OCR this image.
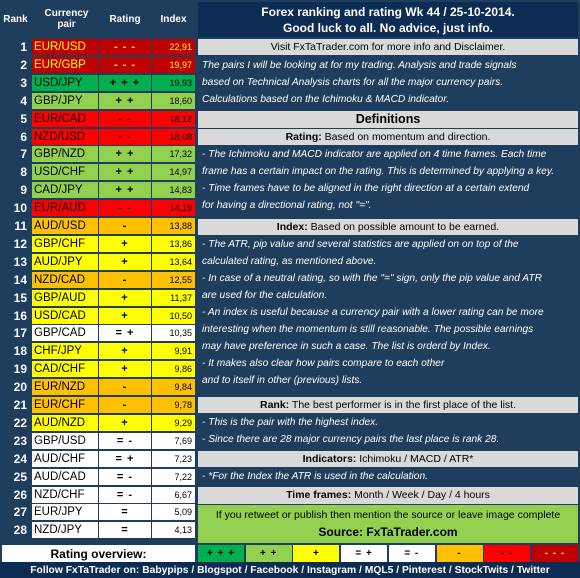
Rank	Currency pair	Rating	Index
1 EUR/USD	- - -	22,91
2 EUR/GBP	- - -	19,97
3 USD/JPY	+ + +	19,93
4 GBP/JPY	+ +	18,60
5 EUR/CAD	- -	18,12
6 NZD/USD	- -	18,08
7 GBP/NZD	+ +	17,32
8 USD/CHF	+ +	14,97
9 CAD/JPY	+ +	14,83
10 EUR/AUD	- -	14,19
11 AUD/USD	-	13,88
12 GBP/CHF	+	13,86
13 AUD/JPY	+	13,64
14 NZD/CAD	-	12,55
15 GBP/AUD	+	11,37
16 USD/CAD	+	10,50
17 GBP/CAD	= +	10,35
18 CHF/JPY	+	9,91
19 CAD/CHF	+	9,86
20 EUR/NZD	-	9,84
21 EUR/CHF	-	9,78
22 AUD/NZD	+	9,29
23 GBP/USD	= -	7,69
24 AUD/CHF	= +	7,23
25 AUD/CAD	= -	7,22
26 NZD/CHF	= -	6,67
27 EUR/JPY	=	5,09
28 NZD/JPY	=	4,13
Forex ranking and rating Wk 44 / 25-10-2014.
Good luck to all. No advice, just info.
Visit FxTaTrader.com for more info and Disclaimer.

The pairs I will be looking at for my trading. Analysis and trade signals

based on Technical Analysis charts for all the major currency pairs.

Calculations based on the Ichimoku & MACD indicator.

Definitions
Rating: Based on momentum and direction.

- The Ichimoku and MACD indicator are applied on 4 time frames. Each time

frame has a certain impact on the rating. This is determined by applying a key.

- Time frames have to be aligned in the right direction at a certain extend

for having a directional rating, not "=".

Index: Based on possible amount to be earned.

- The ATR, pip value and several statistics are applied on on top of the

calculated rating, as mentioned above.

- In case of a neutral rating, so with the "=" sign, only the pip value and ATR

are used for the calculation.

- An index is useful because a currency pair with a lower rating can be more

interesting when the momentum is still reasonable. The possible earnings

may have preference in such a case. The list is orderd by Index.

- It makes also clear how pairs compare to each other

and to itself in other (previous) lists.

Rank: The best performer is in the first place of the list.

- This is the pair with the highest index.

- Since there are 28 major currency pairs the last place is rank 28.

Indicators: Ichimoku / MACD / ATR*

- *For the Index the ATR is used in the calculation.

Time frames: Month / Week / Day / 4 hours
If you retweet or publish then mention the source or leave image complete
Source: FxTaTrader.com
Rating overview:	+ + +	+ +	+	= +	= -	-	- -	- - -
Follow FxTaTrader on: Babypips / Blogspot / Facebook / Instagram / MQL5 / Pinterest / StockTwits / Twitter
